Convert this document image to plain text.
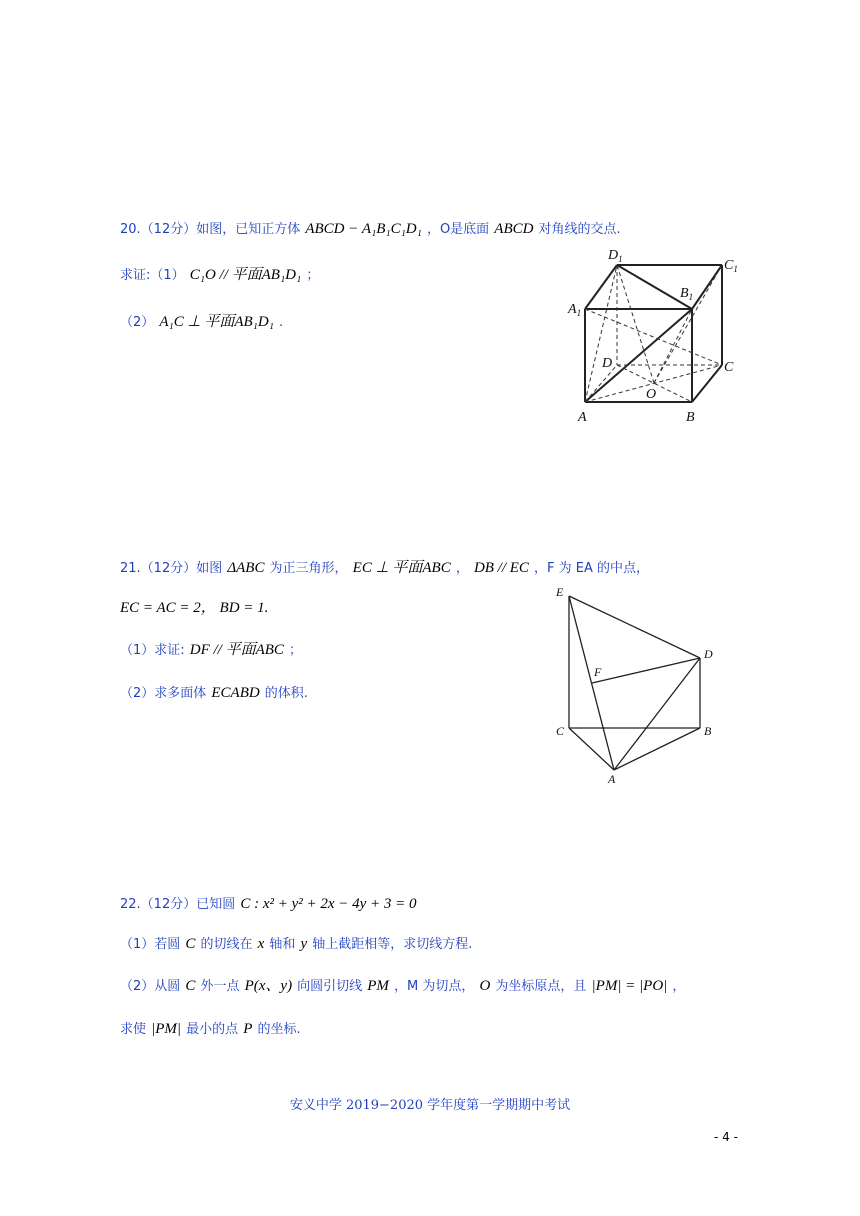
20.（12分）如图，已知正方体 ABCD − A₁B₁C₁D₁ ，O是底面 ABCD 对角线的交点.
求证:（1） C₁O // 平面AB₁D₁ ；
（2） A₁C ⊥ 平面AB₁D₁ .
$D_1$	$C_1$
$A_1$
$B_1$
D	C
O
A	B
21.（12分）如图 ΔABC 为正三角形， EC ⊥ 平面ABC ， DB // EC ，F 为 EA 的中点，
EC = AC = 2， BD = 1.
（1）求证: DF // 平面ABC ；
（2）求多面体 ECABD 的体积.
E
D
F
C	B
A
22.（12分）已知圆 C : x² + y² + 2x − 4y + 3 = 0
（1）若圆 C 的切线在 x 轴和 y 轴上截距相等，求切线方程.
（2）从圆 C 外一点 P(x、y) 向圆引切线 PM ，M 为切点， O 为坐标原点，且 |PM| = |PO| ，
求使 |PM| 最小的点 P 的坐标.
安义中学 2019−2020 学年度第一学期期中考试
- 4 -
